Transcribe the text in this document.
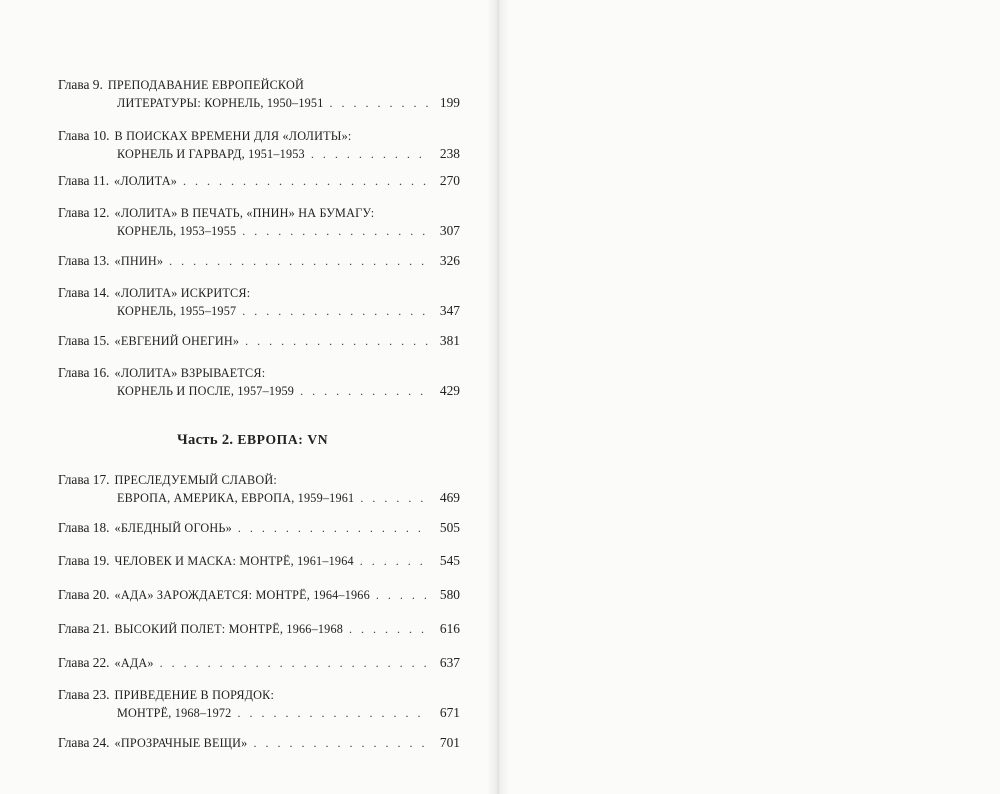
Глава 9. ПРЕПОДАВАНИЕ ЕВРОПЕЙСКОЙ
ЛИТЕРАТУРЫ: КОРНЕЛЬ, 1950–1951 . . .	199
Глава 10. В ПОИСКАХ ВРЕМЕНИ ДЛЯ «ЛОЛИТЫ»:
КОРНЕЛЬ И ГАРВАРД, 1951–1953 . . .	238
Глава 11. «ЛОЛИТА» . . .	270
Глава 12. «ЛОЛИТА» В ПЕЧАТЬ, «ПНИН» НА БУМАГУ:
КОРНЕЛЬ, 1953–1955 . . .	307
Глава 13. «ПНИН» . . .	326
Глава 14. «ЛОЛИТА» ИСКРИТСЯ:
КОРНЕЛЬ, 1955–1957 . . .	347
Глава 15. «ЕВГЕНИЙ ОНЕГИН» . . .	381
Глава 16. «ЛОЛИТА» ВЗРЫВАЕТСЯ:
КОРНЕЛЬ И ПОСЛЕ, 1957–1959 . . .	429
Глава 17. ПРЕСЛЕДУЕМЫЙ СЛАВОЙ:
ЕВРОПА, АМЕРИКА, ЕВРОПА, 1959–1961 . . .	469
Глава 18. «БЛЕДНЫЙ ОГОНЬ» . . .	505
Глава 19. ЧЕЛОВЕК И МАСКА: МОНТРЁ, 1961–1964 . . .	545
Глава 20. «АДА» ЗАРОЖДАЕТСЯ: МОНТРЁ, 1964–1966 . . .	580
Глава 21. ВЫСОКИЙ ПОЛЕТ: МОНТРЁ, 1966–1968 . . .	616
Глава 22. «АДА» . . .	637
Глава 23. ПРИВЕДЕНИЕ В ПОРЯДОК:
МОНТРЁ, 1968–1972 . . .	671
Глава 24. «ПРОЗРАЧНЫЕ ВЕЩИ» . . .	701
Часть 2. ЕВРОПА: VN
